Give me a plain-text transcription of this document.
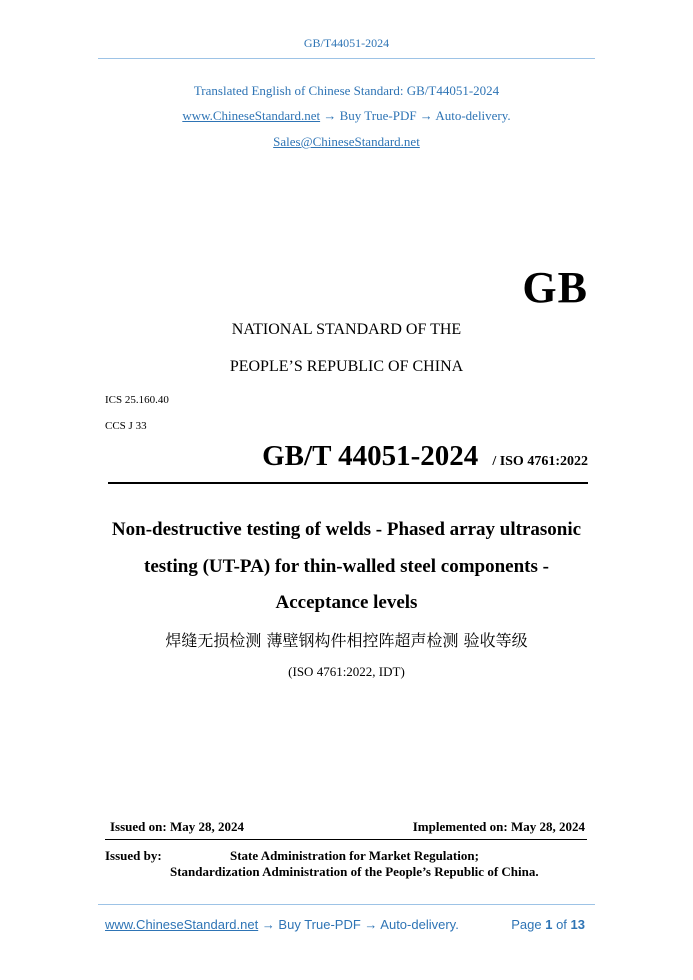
GB/T44051-2024
Translated English of Chinese Standard: GB/T44051-2024
www.ChineseStandard.net → Buy True-PDF → Auto-delivery.
Sales@ChineseStandard.net
GB
NATIONAL STANDARD OF THE
PEOPLE’S REPUBLIC OF CHINA
ICS 25.160.40
CCS J 33
GB/T 44051-2024 / ISO 4761:2022
Non-destructive testing of welds - Phased array ultrasonic
testing (UT-PA) for thin-walled steel components -
Acceptance levels
焊缝无损检测 薄壁钢构件相控阵超声检测 验收等级
(ISO 4761:2022, IDT)
Issued on: May 28, 2024	Implemented on: May 28, 2024
Issued by:	State Administration for Market Regulation;
Standardization Administration of the People’s Republic of China.
www.ChineseStandard.net → Buy True-PDF → Auto-delivery.	Page 1 of 13
